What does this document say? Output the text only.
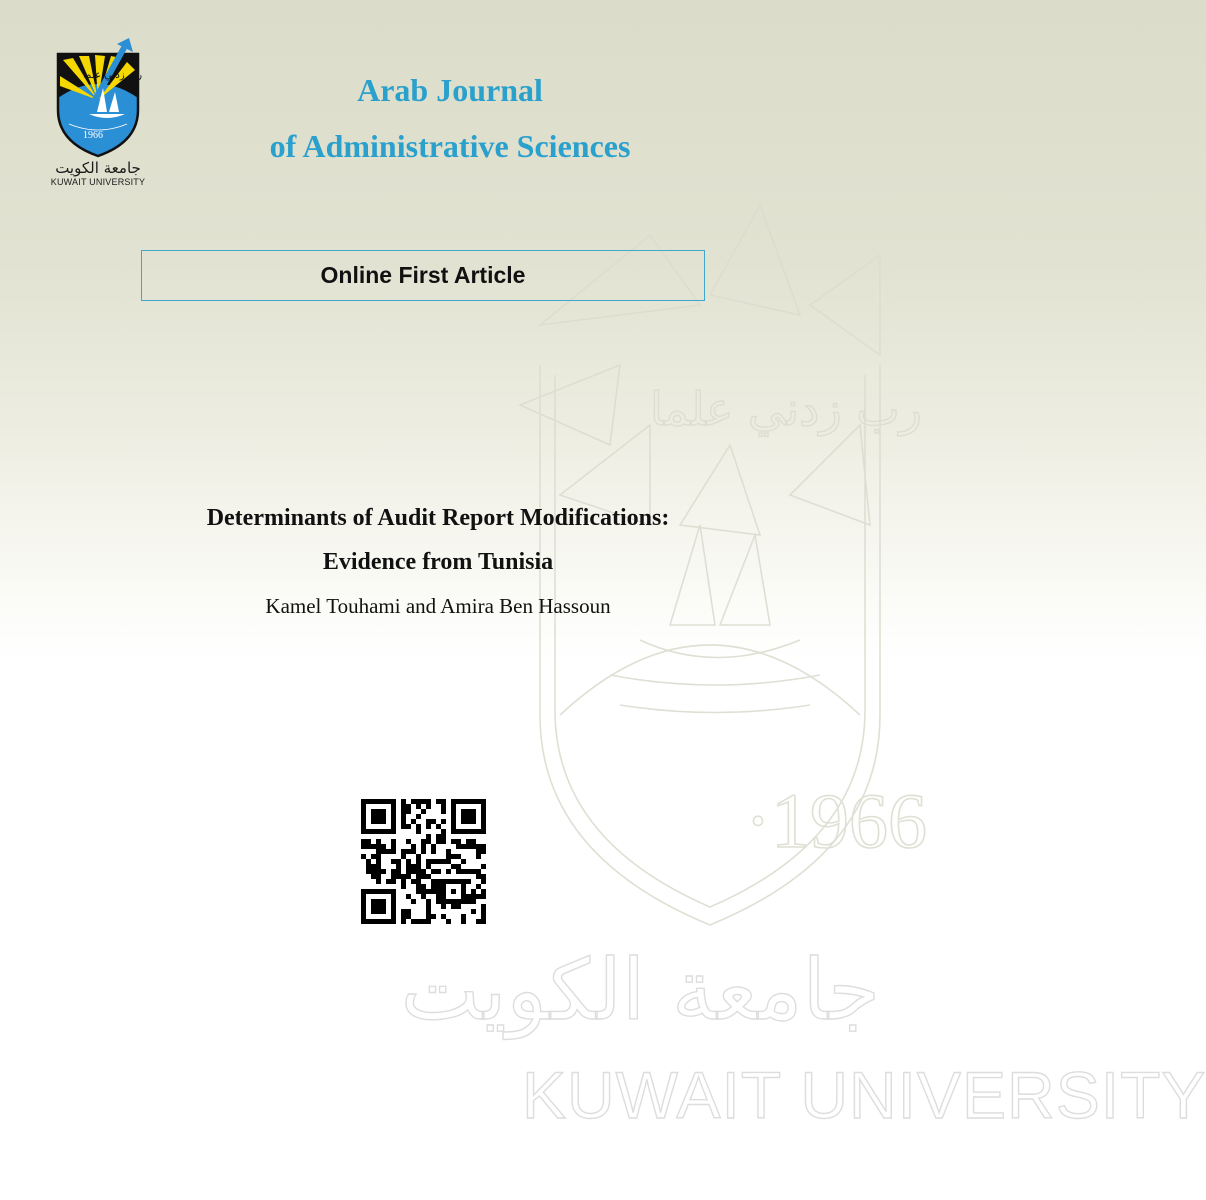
رب زدني علما
·1966
جامعة الكويت
KUWAIT UNIVERSITY
رب زدني علما
1966
جامعة الكويت
KUWAIT UNIVERSITY
Arab Journal
of Administrative Sciences
Online First Article
Determinants of Audit Report Modifications:
Evidence from Tunisia
Kamel Touhami and Amira Ben Hassoun
